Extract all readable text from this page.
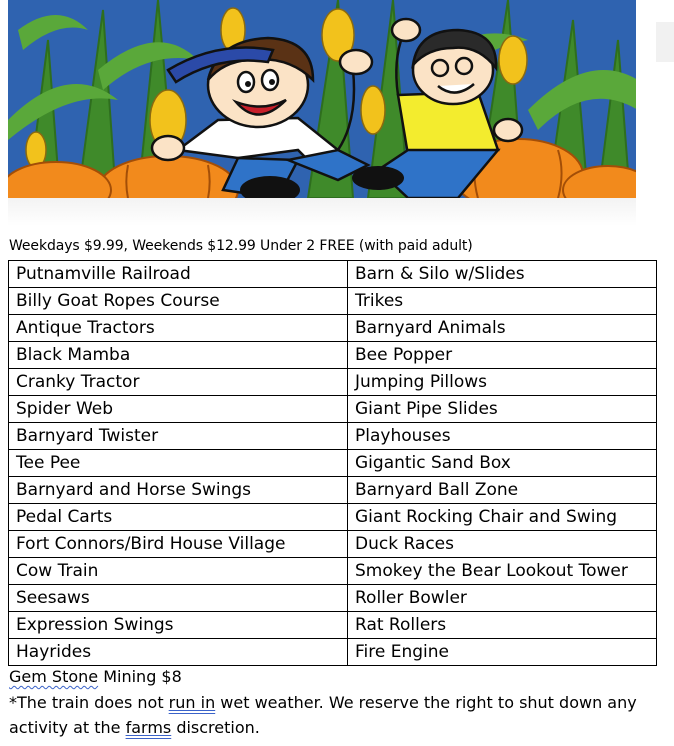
Weekdays $9.99, Weekends $12.99 Under 2 FREE (with paid adult)
Putnamville Railroad	Barn & Silo w/Slides
Billy Goat Ropes Course	Trikes
Antique Tractors	Barnyard Animals
Black Mamba	Bee Popper
Cranky Tractor	Jumping Pillows
Spider Web	Giant Pipe Slides
Barnyard Twister	Playhouses
Tee Pee	Gigantic Sand Box
Barnyard and Horse Swings	Barnyard Ball Zone
Pedal Carts	Giant Rocking Chair and Swing
Fort Connors/Bird House Village	Duck Races
Cow Train	Smokey the Bear Lookout Tower
Seesaws	Roller Bowler
Expression Swings	Rat Rollers
Hayrides	Fire Engine
Gem Stone Mining $8
*The train does not run in wet weather. We reserve the right to shut down any activity at the farms discretion.
